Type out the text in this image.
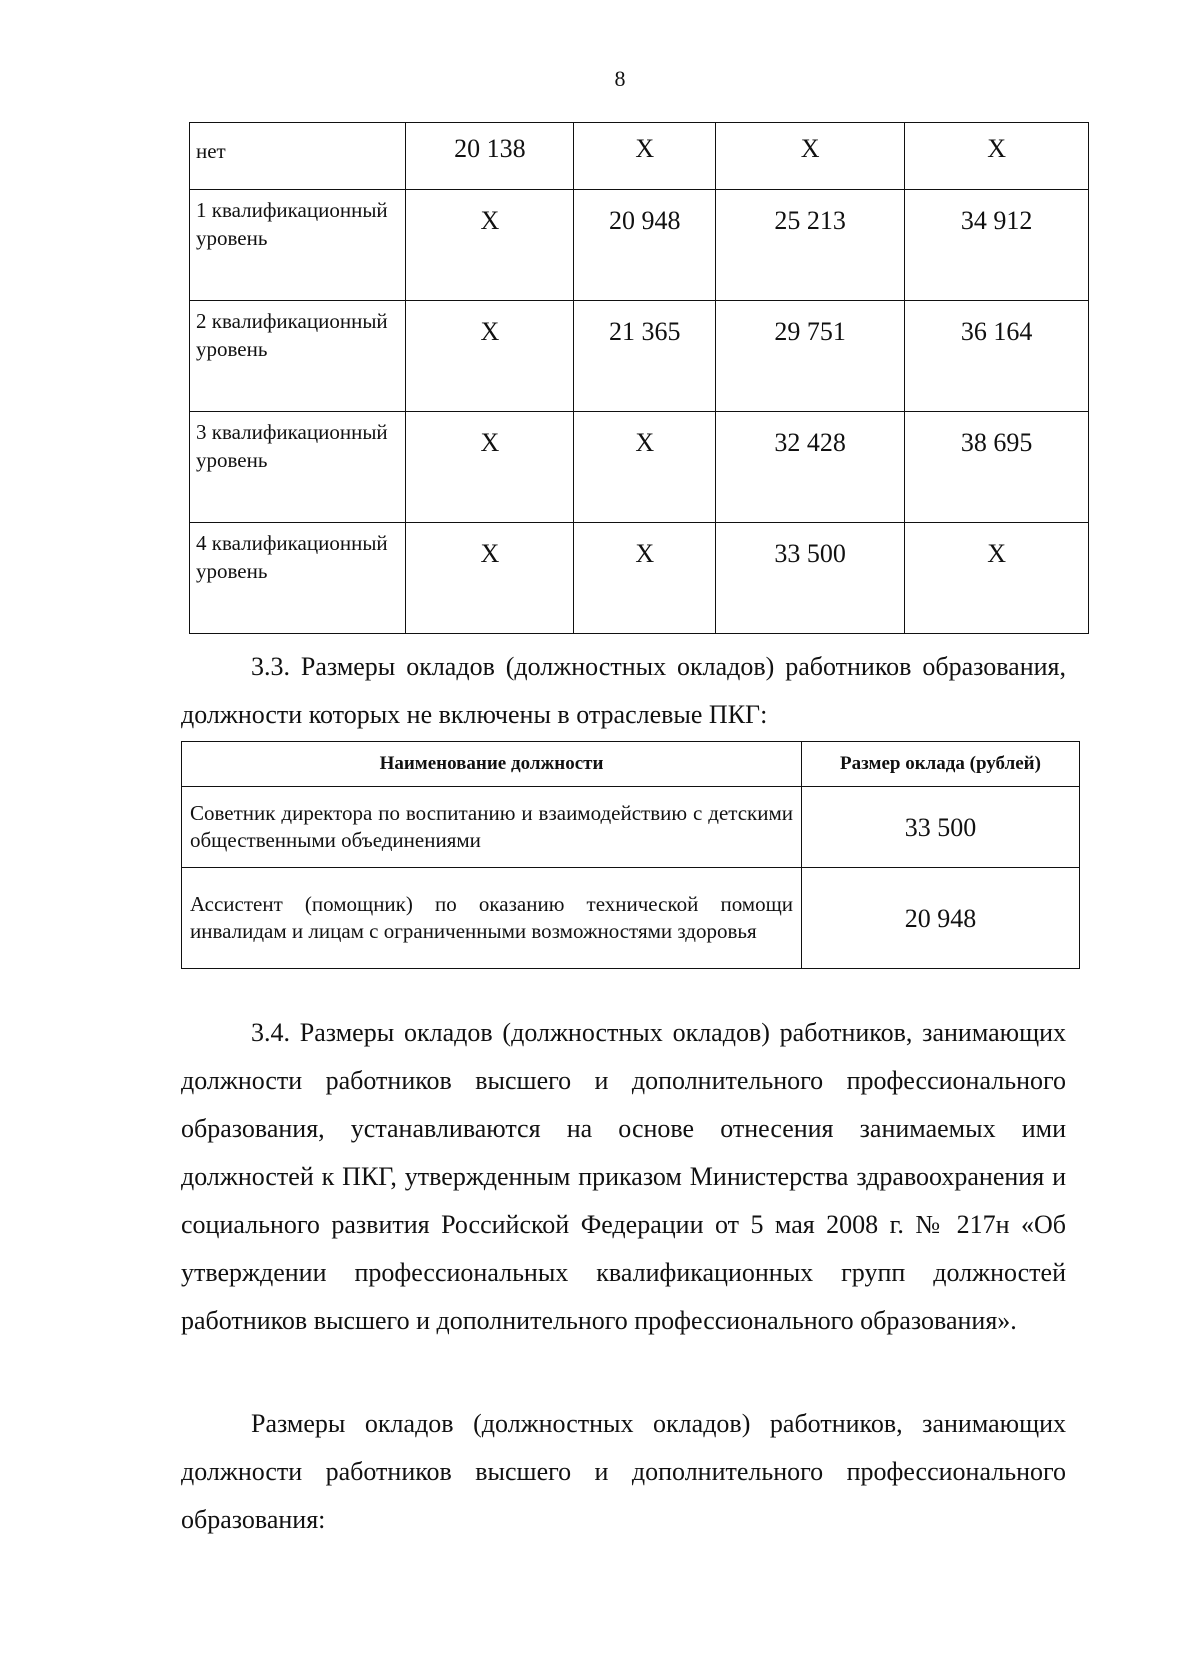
8
нет	20 138	Х	Х	Х
1 квалификационный уровень	Х	20 948	25 213	34 912
2 квалификационный уровень	Х	21 365	29 751	36 164
3 квалификационный уровень	Х	Х	32 428	38 695
4 квалификационный уровень	Х	Х	33 500	Х

3.3. Размеры окладов (должностных окладов) работников образования, должности которых не включены в отраслевые ПКГ:

Наименование должности	Размер оклада (рублей)
Советник директора по воспитанию и взаимодействию с детскими общественными объединениями	33 500
Ассистент (помощник) по оказанию технической помощи инвалидам и лицам с ограниченными возможностями здоровья	20 948

3.4. Размеры окладов (должностных окладов) работников, занимающих должности работников высшего и дополнительного профессионального образования, устанавливаются на основе отнесения занимаемых ими должностей к ПКГ, утвержденным приказом Министерства здравоохранения и социального развития Российской Федерации от 5 мая 2008 г. № 217н «Об утверждении профессиональных квалификационных групп должностей работников высшего и дополнительного профессионального образования».

Размеры окладов (должностных окладов) работников, занимающих должности работников высшего и дополнительного профессионального образования:
